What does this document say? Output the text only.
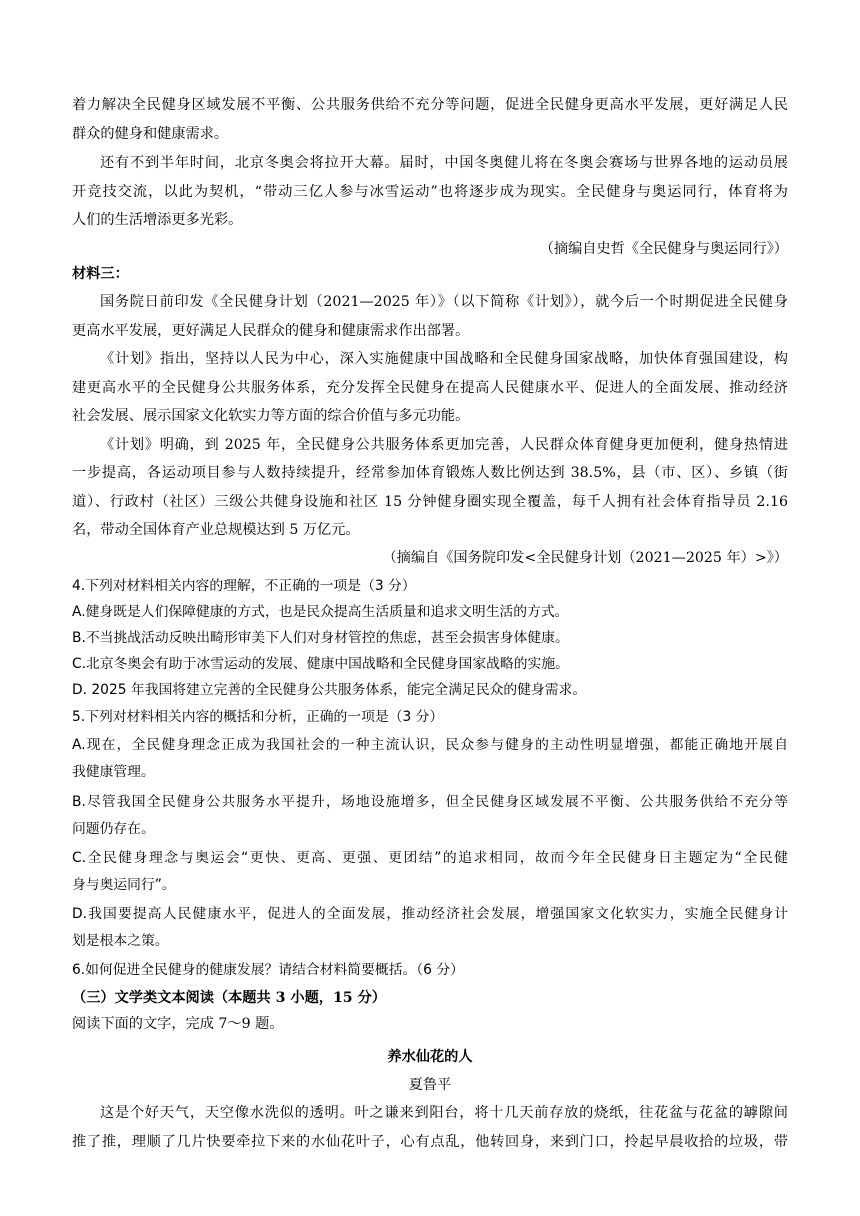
着力解决全民健身区域发展不平衡、公共服务供给不充分等问题，促进全民健身更高水平发展，更好满足人民
群众的健身和健康需求。
还有不到半年时间，北京冬奥会将拉开大幕。届时，中国冬奥健儿将在冬奥会赛场与世界各地的运动员展
开竞技交流，以此为契机，“带动三亿人参与冰雪运动”也将逐步成为现实。全民健身与奥运同行，体育将为
人们的生活增添更多光彩。
（摘编自史哲《全民健身与奥运同行》）
材料三：
国务院日前印发《全民健身计划（2021—2025 年）》（以下简称《计划》），就今后一个时期促进全民健身
更高水平发展，更好满足人民群众的健身和健康需求作出部署。
《计划》指出，坚持以人民为中心，深入实施健康中国战略和全民健身国家战略，加快体育强国建设，构
建更高水平的全民健身公共服务体系，充分发挥全民健身在提高人民健康水平、促进人的全面发展、推动经济
社会发展、展示国家文化软实力等方面的综合价值与多元功能。
《计划》明确，到 2025 年，全民健身公共服务体系更加完善，人民群众体育健身更加便利，健身热情进
一步提高，各运动项目参与人数持续提升，经常参加体育锻炼人数比例达到 38.5%，县（市、区）、乡镇（街
道）、行政村（社区）三级公共健身设施和社区 15 分钟健身圈实现全覆盖，每千人拥有社会体育指导员 2.16
名，带动全国体育产业总规模达到 5 万亿元。
（摘编自《国务院印发<全民健身计划（2021—2025 年）>》）
4.下列对材料相关内容的理解，不正确的一项是（3 分）
A.健身既是人们保障健康的方式，也是民众提高生活质量和追求文明生活的方式。
B.不当挑战活动反映出畸形审美下人们对身材管控的焦虑，甚至会损害身体健康。
C.北京冬奥会有助于冰雪运动的发展、健康中国战略和全民健身国家战略的实施。
D. 2025 年我国将建立完善的全民健身公共服务体系，能完全满足民众的健身需求。
5.下列对材料相关内容的概括和分析，正确的一项是（3 分）
A.现在，全民健身理念正成为我国社会的一种主流认识，民众参与健身的主动性明显增强，都能正确地开展自
我健康管理。
B.尽管我国全民健身公共服务水平提升，场地设施增多，但全民健身区域发展不平衡、公共服务供给不充分等
问题仍存在。
C.全民健身理念与奥运会“更快、更高、更强、更团结”的追求相同，故而今年全民健身日主题定为“全民健
身与奥运同行”。
D.我国要提高人民健康水平，促进人的全面发展，推动经济社会发展，增强国家文化软实力，实施全民健身计
划是根本之策。
6.如何促进全民健身的健康发展？请结合材料简要概括。（6 分）
（三）文学类文本阅读（本题共 3 小题，15 分）
阅读下面的文字，完成 7～9 题。
养水仙花的人
夏鲁平
这是个好天气，天空像水洗似的透明。叶之谦来到阳台，将十几天前存放的烧纸，往花盆与花盆的罅隙间
推了推，理顺了几片快要牵拉下来的水仙花叶子，心有点乱，他转回身，来到门口，拎起早晨收拾的垃圾，带
